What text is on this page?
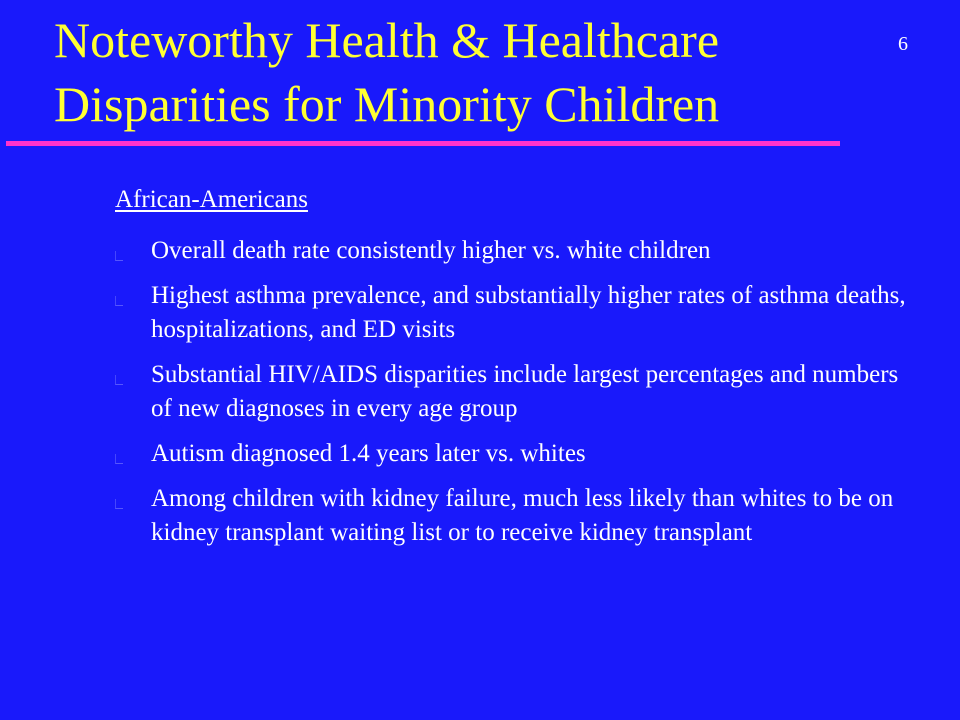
Noteworthy Health & Healthcare Disparities for Minority Children
6
African-Americans
Overall death rate consistently higher vs. white children
Highest asthma prevalence, and substantially higher rates of asthma deaths, hospitalizations, and ED visits
Substantial HIV/AIDS disparities include largest percentages and numbers of new diagnoses in every age group
Autism diagnosed 1.4 years later vs. whites
Among children with kidney failure, much less likely than whites to be on kidney transplant waiting list or to receive kidney transplant
